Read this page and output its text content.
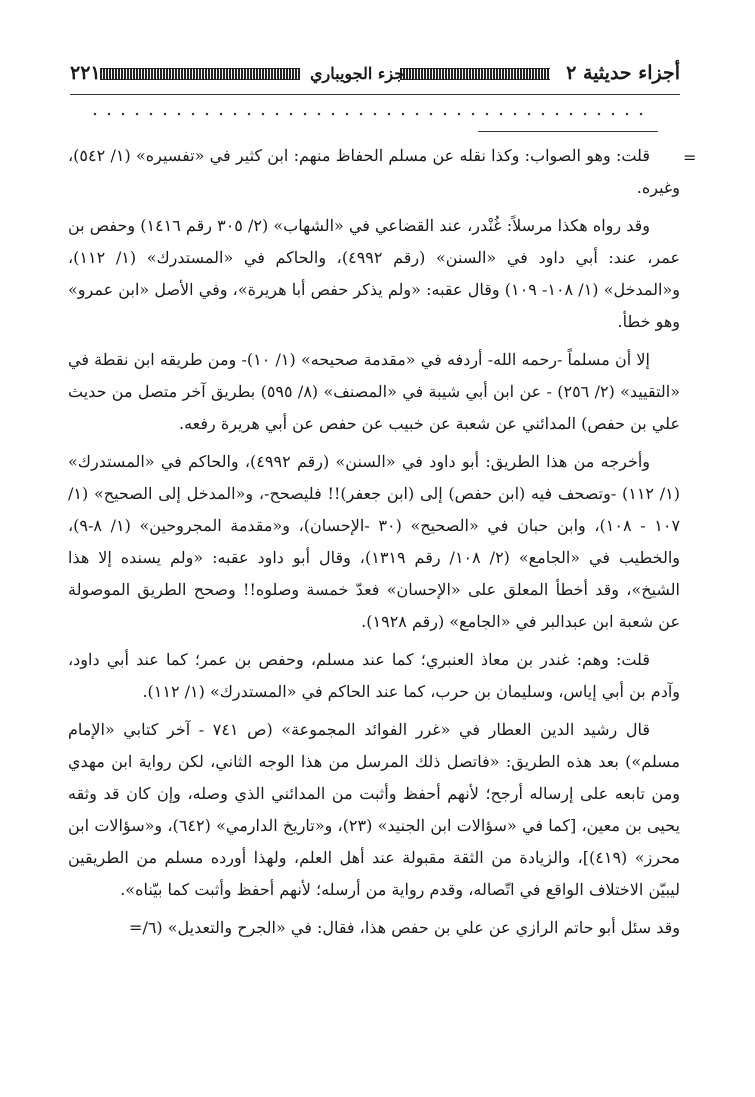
أجزاء حديثية ٢
جزء الجويباري
٢٢١
=

قلت: وهو الصواب: وكذا نقله عن مسلم الحفاظ منهم: ابن كثير في «تفسيره» (١/ ٥٤٢)، وغيره.

وقد رواه هكذا مرسلاً: غُنْدر، عند القضاعي في «الشهاب» (٢/ ٣٠٥ رقم ١٤١٦) وحفص بن عمر، عند: أبي داود في «السنن» (رقم ٤٩٩٢)، والحاكم في «المستدرك» (١/ ١١٢)، و«المدخل» (١/ ١٠٨- ١٠٩) وقال عقبه: «ولم يذكر حفص أبا هريرة»، وفي الأصل «ابن عمرو» وهو خطأ.

إلا أن مسلماً -رحمه الله- أردفه في «مقدمة صحيحه» (١/ ١٠)- ومن طريقه ابن نقطة في «التقييد» (٢/ ٢٥٦) - عن ابن أبي شيبة في «المصنف» (٨/ ٥٩٥) بطريق آخر متصل من حديث علي بن حفص) المدائني عن شعبة عن خبيب عن حفص عن أبي هريرة رفعه.

وأخرجه من هذا الطريق: أبو داود في «السنن» (رقم ٤٩٩٢)، والحاكم في «المستدرك» (١/ ١١٢) -وتصحف فيه (ابن حفص) إلى (ابن جعفر)!! فليصحح-، و«المدخل إلى الصحيح» (١/ ١٠٧ - ١٠٨)، وابن حبان في «الصحيح» (٣٠ -الإحسان)، و«مقدمة المجروحين» (١/ ٨-٩)، والخطيب في «الجامع» (٢/ ١٠٨/ رقم ١٣١٩)، وقال أبو داود عقبه: «ولم يسنده إلا هذا الشيخ»، وقد أخطأ المعلق على «الإحسان» فعدّ خمسة وصلوه!! وصحح الطريق الموصولة عن شعبة ابن عبدالبر في «الجامع» (رقم ١٩٢٨).

قلت: وهم: غندر بن معاذ العنبري؛ كما عند مسلم، وحفص بن عمر؛ كما عند أبي داود، وآدم بن أبي إياس، وسليمان بن حرب، كما عند الحاكم في «المستدرك» (١/ ١١٢).

قال رشيد الدين العطار في «غرر الفوائد المجموعة» (ص ٧٤١ - آخر كتابي «الإمام مسلم») بعد هذه الطريق: «فاتصل ذلك المرسل من هذا الوجه الثاني، لكن رواية ابن مهدي ومن تابعه على إرساله أرجح؛ لأنهم أحفظ وأثبت من المدائني الذي وصله، وإن كان قد وثقه يحيى بن معين، [كما في «سؤالات ابن الجنيد» (٢٣)، و«تاريخ الدارمي» (٦٤٢)، و«سؤالات ابن محرز» (٤١٩)]، والزيادة من الثقة مقبولة عند أهل العلم، ولهذا أورده مسلم من الطريقين ليبيّن الاختلاف الواقع في اتّصاله، وقدم رواية من أرسله؛ لأنهم أحفظ وأثبت كما بيّناه».

وقد سئل أبو حاتم الرازي عن علي بن حفص هذا، فقال: في «الجرح والتعديل» (٦/=
